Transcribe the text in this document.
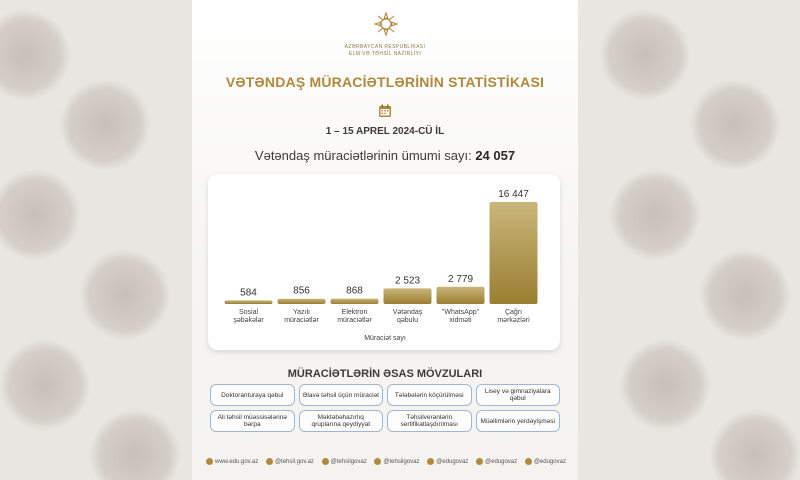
AZƏRBAYCAN RESPUBLİKASI
ELM VƏ TƏHSİL NAZİRLİYİ
VƏTƏNDAŞ MÜRACİƏTLƏRİNİN STATİSTİKASI
1 – 15 APREL 2024-CÜ İL
Vətəndaş müraciətlərinin ümumi sayı: 24 057
584
Sosial
şəbəkələr
856
Yazılı
müraciətlər
868
Elektron
müraciətlər
2 523
Vətəndaş
qəbulu
2 779
"WhatsApp"
xidməti
16 447
Çağrı
mərkəzləri
Müraciət sayı
MÜRACİƏTLƏRİN ƏSAS MÖVZULARI
Doktoranturaya qəbul	Əlavə təhsil üçün müraciət	Tələbələrin köçürülməsi	Lisey və gimnaziyalara qəbul
Ali təhsil müəssisələrinə bərpa
Məktəbəhazırlıq qruplarına qeydiyyat
Təhsilverənlərin sertifikatlaşdırılması	Müəllimlərin yerdəyişməsi
www.edu.gov.az	@tehsil.gov.az	@tehsilgovaz	@tehsilgovaz	@edugovaz	@edugovaz	@edugovaz
